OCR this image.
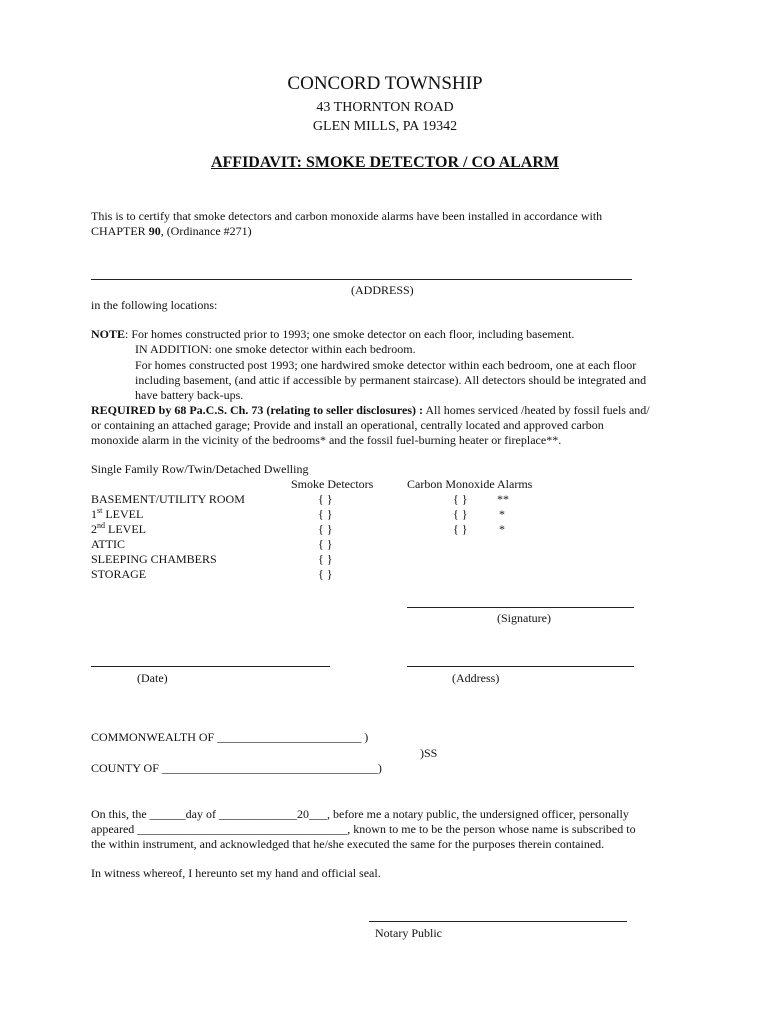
CONCORD TOWNSHIP
43 THORNTON ROAD
GLEN MILLS, PA 19342
AFFIDAVIT: SMOKE DETECTOR / CO ALARM
This is to certify that smoke detectors and carbon monoxide alarms have been installed in accordance with
CHAPTER 90, (Ordinance #271)
(ADDRESS)
in the following locations:
NOTE: For homes constructed prior to 1993; one smoke detector on each floor, including basement.
IN ADDITION: one smoke detector within each bedroom.
For homes constructed post 1993; one hardwired smoke detector within each bedroom, one at each floor
including basement, (and attic if accessible by permanent staircase). All detectors should be integrated and
have battery back-ups.
REQUIRED by 68 Pa.C.S. Ch. 73 (relating to seller disclosures) : All homes serviced /heated by fossil fuels and/
or containing an attached garage; Provide and install an operational, centrally located and approved carbon
monoxide alarm in the vicinity of the bedrooms* and the fossil fuel-burning heater or fireplace**.
Single Family Row/Twin/Detached Dwelling
Smoke Detectors	Carbon Monoxide Alarms
BASEMENT/UTILITY ROOM	{ }	{ } **
1st LEVEL	{ }	{ }	*
2nd LEVEL	{ }	{ }	*
ATTIC	{ }
SLEEPING CHAMBERS	{ }
STORAGE	{ }
(Signature)
(Date)	(Address)
COMMONWEALTH OF ________________________ )
)SS
COUNTY OF ____________________________________)
On this, the ______day of _____________20___, before me a notary public, the undersigned officer, personally
appeared ___________________________________, known to me to be the person whose name is subscribed to
the within instrument, and acknowledged that he/she executed the same for the purposes therein contained.
In witness whereof, I hereunto set my hand and official seal.
Notary Public
